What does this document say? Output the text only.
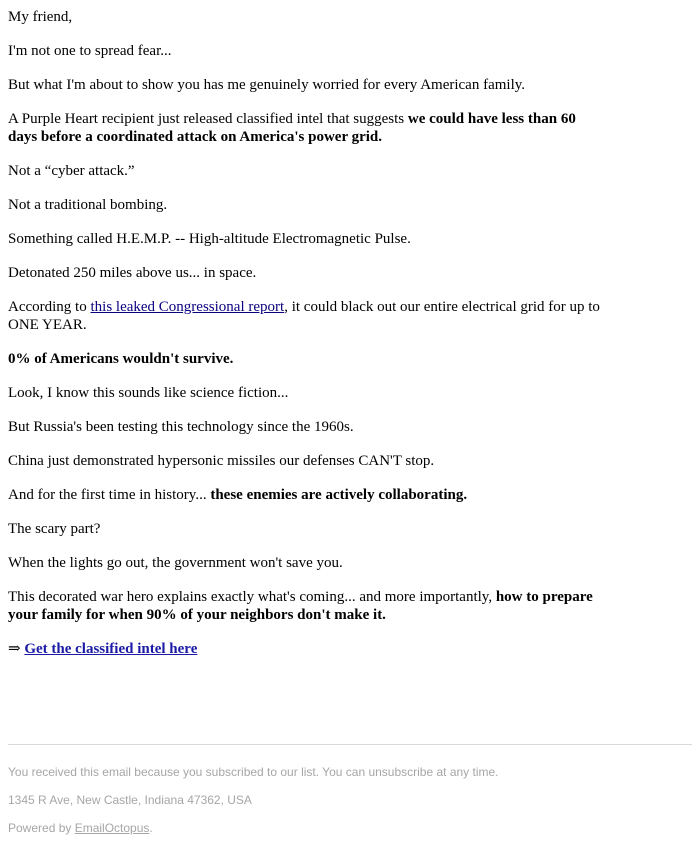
My friend,

I'm not one to spread fear...

But what I'm about to show you has me genuinely worried for every American family.

A Purple Heart recipient just released classified intel that suggests we could have less than 60 days before a coordinated attack on America's power grid.

Not a “cyber attack.”

Not a traditional bombing.

Something called H.E.M.P. -- High-altitude Electromagnetic Pulse.

Detonated 250 miles above us... in space.

According to this leaked Congressional report, it could black out our entire electrical grid for up to ONE YEAR.

0% of Americans wouldn't survive.

Look, I know this sounds like science fiction...

But Russia's been testing this technology since the 1960s.

China just demonstrated hypersonic missiles our defenses CAN'T stop.

And for the first time in history... these enemies are actively collaborating.

The scary part?

When the lights go out, the government won't save you.

This decorated war hero explains exactly what's coming... and more importantly, how to prepare your family for when 90% of your neighbors don't make it.

⇒ Get the classified intel here

You received this email because you subscribed to our list. You can unsubscribe at any time.

1345 R Ave, New Castle, Indiana 47362, USA

Powered by EmailOctopus.
